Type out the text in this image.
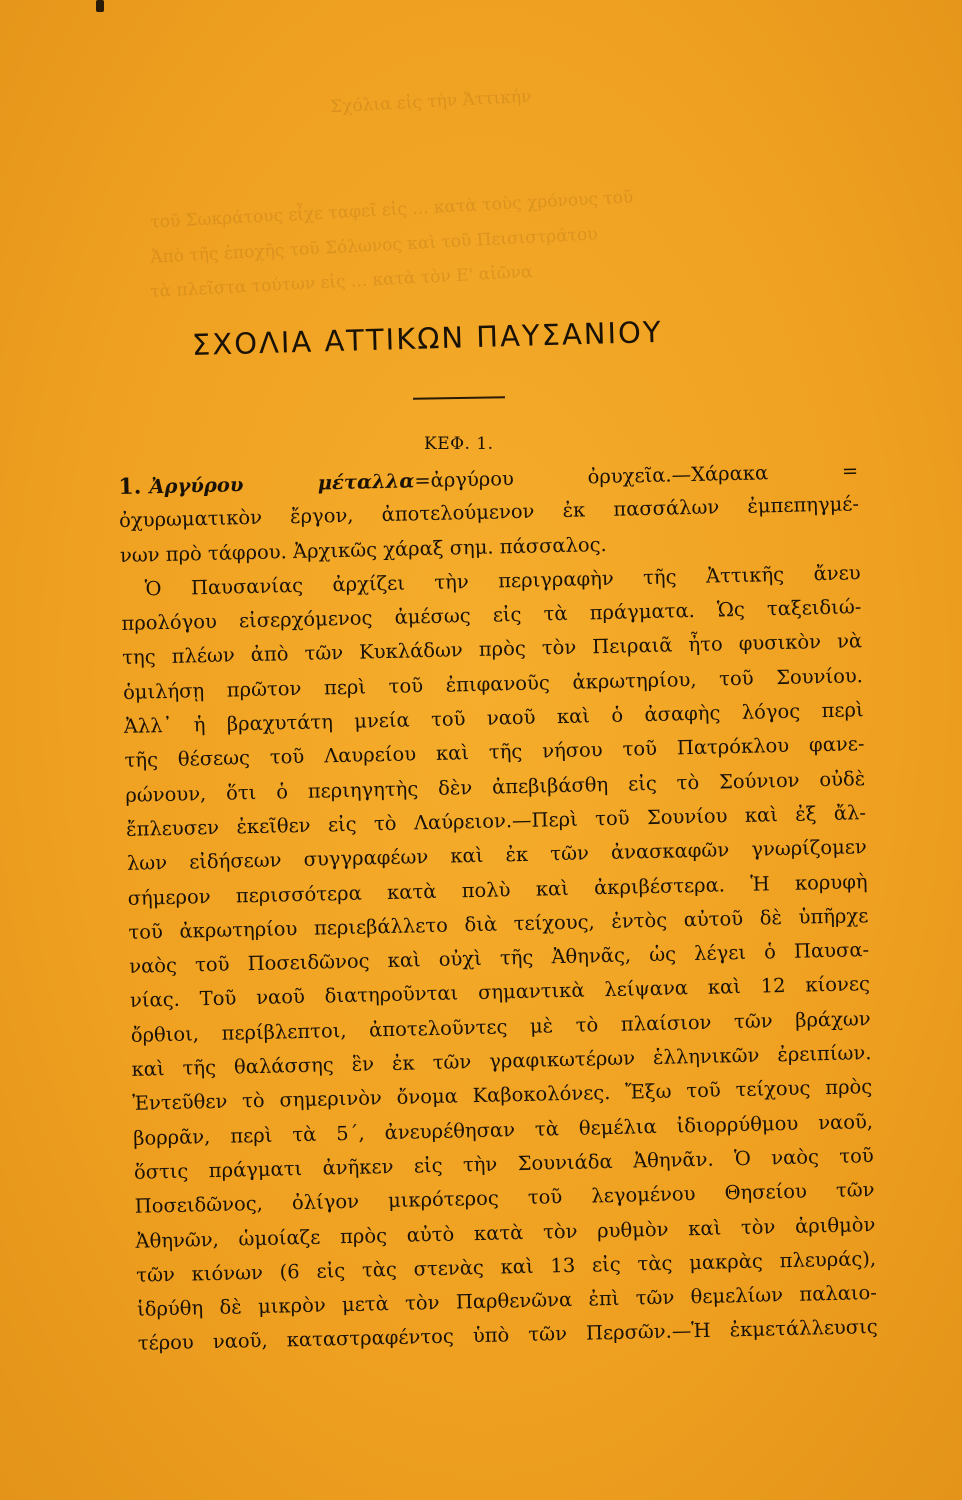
Σχόλια εἰς τὴν Ἀττικήν
τοῦ Σωκράτους εἶχε ταφεῖ εἰς ... κατὰ τοὺς χρόνους τοῦ
Ἀπὸ τῆς ἐποχῆς τοῦ Σόλωνος καὶ τοῦ Πεισιστράτου
τὰ πλεῖστα τούτων εἰς ... κατὰ τὸν Ε' αἰῶνα
ΣΧΟΛΙΑ ΑΤΤΙΚΩΝ ΠΑΥΣΑΝΙΟΥ
ΚΕΦ. 1.
1. Ἀργύρου μέταλλα=ἀργύρου ὀρυχεῖα.—Χάρακα =
ὀχυρωματικὸν ἔργον, ἀποτελούμενον ἐκ πασσάλων ἐμπεπηγμέ-
νων πρὸ τάφρου. Ἀρχικῶς χάραξ σημ. πάσσαλος.
Ὁ Παυσανίας ἀρχίζει τὴν περιγραφὴν τῆς Ἀττικῆς ἄνευ
προλόγου εἰσερχόμενος ἀμέσως εἰς τὰ πράγματα. Ὡς ταξειδιώ-
της πλέων ἀπὸ τῶν Κυκλάδων πρὸς τὸν Πειραιᾶ ἦτο φυσικὸν νὰ
ὁμιλήσῃ πρῶτον περὶ τοῦ ἐπιφανοῦς ἀκρωτηρίου, τοῦ Σουνίου.
Ἀλλ᾽ ἡ βραχυτάτη μνεία τοῦ ναοῦ καὶ ὁ ἀσαφὴς λόγος περὶ
τῆς θέσεως τοῦ Λαυρείου καὶ τῆς νήσου τοῦ Πατρόκλου φανε-
ρώνουν, ὅτι ὁ περιηγητὴς δὲν ἀπεβιβάσθη εἰς τὸ Σούνιον οὐδὲ
ἔπλευσεν ἐκεῖθεν εἰς τὸ Λαύρειον.—Περὶ τοῦ Σουνίου καὶ ἐξ ἄλ-
λων εἰδήσεων συγγραφέων καὶ ἐκ τῶν ἀνασκαφῶν γνωρίζομεν
σήμερον περισσότερα κατὰ πολὺ καὶ ἀκριβέστερα. Ἡ κορυφὴ
τοῦ ἀκρωτηρίου περιεβάλλετο διὰ τείχους, ἐντὸς αὐτοῦ δὲ ὑπῆρχε
ναὸς τοῦ Ποσειδῶνος καὶ οὐχὶ τῆς Ἀθηνᾶς, ὡς λέγει ὁ Παυσα-
νίας. Τοῦ ναοῦ διατηροῦνται σημαντικὰ λείψανα καὶ 12 κίονες
ὄρθιοι, περίβλεπτοι, ἀποτελοῦντες μὲ τὸ πλαίσιον τῶν βράχων
καὶ τῆς θαλάσσης ἓν ἐκ τῶν γραφικωτέρων ἑλληνικῶν ἐρειπίων.
Ἐντεῦθεν τὸ σημερινὸν ὄνομα Καβοκολόνες. Ἔξω τοῦ τείχους πρὸς
βορρᾶν, περὶ τὰ 5΄, ἀνευρέθησαν τὰ θεμέλια ἰδιορρύθμου ναοῦ,
ὅστις πράγματι ἀνῆκεν εἰς τὴν Σουνιάδα Ἀθηνᾶν. Ὁ ναὸς τοῦ
Ποσειδῶνος, ὀλίγον μικρότερος τοῦ λεγομένου Θησείου τῶν
Ἀθηνῶν, ὡμοίαζε πρὸς αὐτὸ κατὰ τὸν ρυθμὸν καὶ τὸν ἀριθμὸν
τῶν κιόνων (6 εἰς τὰς στενὰς καὶ 13 εἰς τὰς μακρὰς πλευράς),
ἱδρύθη δὲ μικρὸν μετὰ τὸν Παρθενῶνα ἐπὶ τῶν θεμελίων παλαιο-
τέρου ναοῦ, καταστραφέντος ὑπὸ τῶν Περσῶν.—Ἡ ἐκμετάλλευσις
